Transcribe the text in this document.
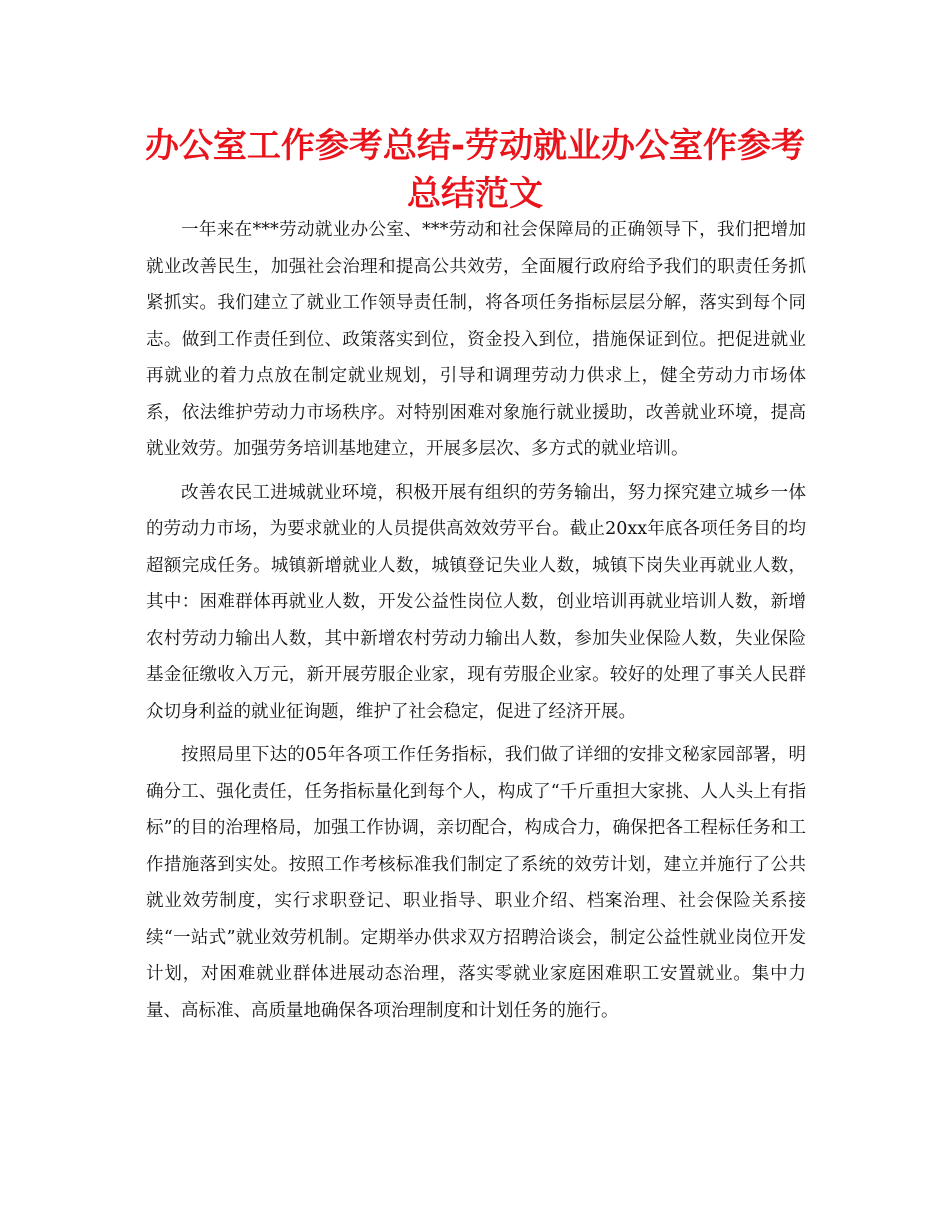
办公室工作参考总结-劳动就业办公室作参考总结范文

一年来在***劳动就业办公室、***劳动和社会保障局的正确领导下，我们把增加就业改善民生，加强社会治理和提高公共效劳，全面履行政府给予我们的职责任务抓紧抓实。我们建立了就业工作领导责任制，将各项任务指标层层分解，落实到每个同志。做到工作责任到位、政策落实到位，资金投入到位，措施保证到位。把促进就业再就业的着力点放在制定就业规划，引导和调理劳动力供求上，健全劳动力市场体系，依法维护劳动力市场秩序。对特别困难对象施行就业援助，改善就业环境，提高就业效劳。加强劳务培训基地建立，开展多层次、多方式的就业培训。

改善农民工进城就业环境，积极开展有组织的劳务输出，努力探究建立城乡一体的劳动力市场，为要求就业的人员提供高效效劳平台。截止20xx年底各项任务目的均超额完成任务。城镇新增就业人数，城镇登记失业人数，城镇下岗失业再就业人数，其中：困难群体再就业人数，开发公益性岗位人数，创业培训再就业培训人数，新增农村劳动力输出人数，其中新增农村劳动力输出人数，参加失业保险人数，失业保险基金征缴收入万元，新开展劳服企业家，现有劳服企业家。较好的处理了事关人民群众切身利益的就业征询题，维护了社会稳定，促进了经济开展。

按照局里下达的05年各项工作任务指标，我们做了详细的安排文秘家园部署，明确分工、强化责任，任务指标量化到每个人，构成了“千斤重担大家挑、人人头上有指标”的目的治理格局，加强工作协调，亲切配合，构成合力，确保把各工程标任务和工作措施落到实处。按照工作考核标准我们制定了系统的效劳计划，建立并施行了公共就业效劳制度，实行求职登记、职业指导、职业介绍、档案治理、社会保险关系接续“一站式”就业效劳机制。定期举办供求双方招聘洽谈会，制定公益性就业岗位开发计划，对困难就业群体进展动态治理，落实零就业家庭困难职工安置就业。集中力量、高标准、高质量地确保各项治理制度和计划任务的施行。
